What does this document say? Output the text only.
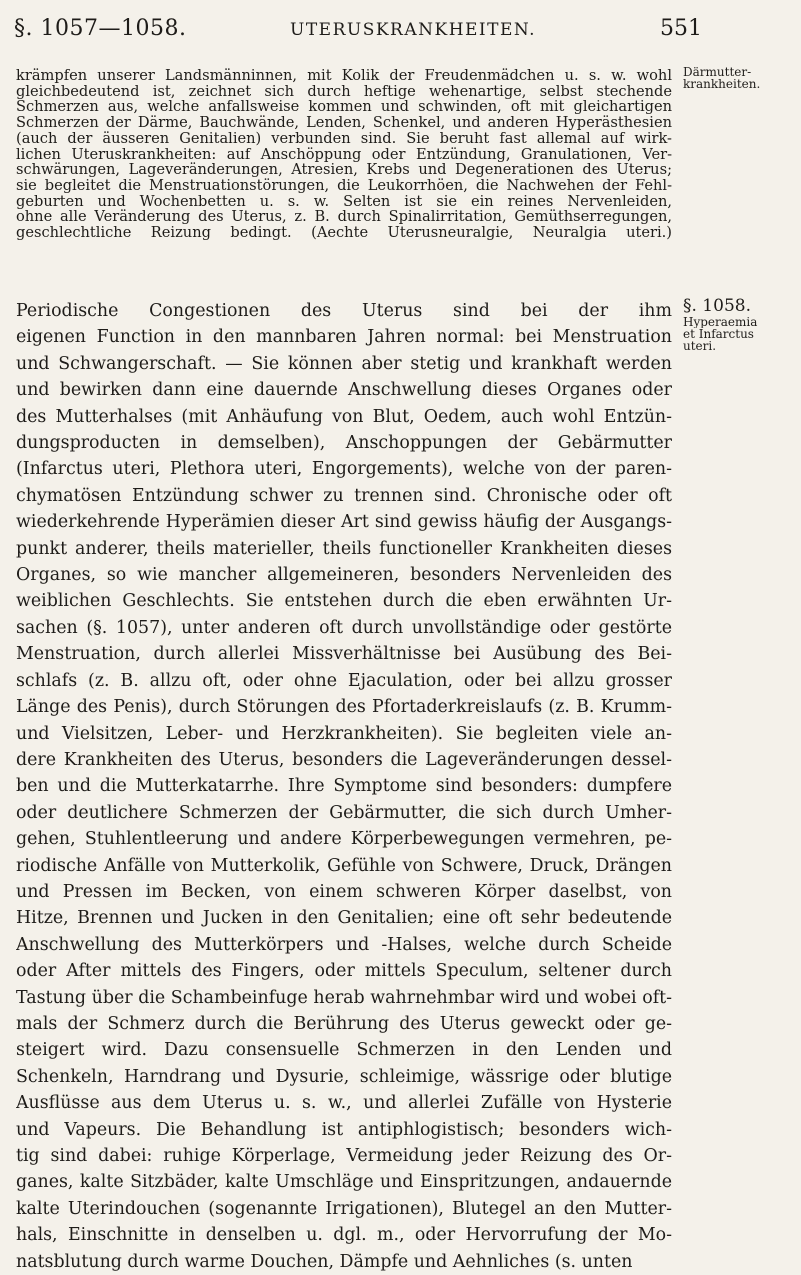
§. 1057—1058.	UTERUSKRANKHEITEN.	551
Därmutter-
krankheiten.
§. 1058.
Hyperaemia
et Infarctus
uteri.
krämpfen unserer Landsmänninnen, mit Kolik der Freudenmädchen u. s. w. wohl
gleichbedeutend ist, zeichnet sich durch heftige wehenartige, selbst stechende
Schmerzen aus, welche anfallsweise kommen und schwinden, oft mit gleichartigen
Schmerzen der Därme, Bauchwände, Lenden, Schenkel, und anderen Hyperästhesien
(auch der äusseren Genitalien) verbunden sind. Sie beruht fast allemal auf wirk-
lichen Uteruskrankheiten: auf Anschöppung oder Entzündung, Granulationen, Ver-
schwärungen, Lageveränderungen, Atresien, Krebs und Degenerationen des Uterus;
sie begleitet die Menstruationstörungen, die Leukorrhöen, die Nachwehen der Fehl-
geburten und Wochenbetten u. s. w. Selten ist sie ein reines Nervenleiden,
ohne alle Veränderung des Uterus, z. B. durch Spinalirritation, Gemüthserregungen,
geschlechtliche Reizung bedingt. (Aechte Uterusneuralgie, Neuralgia uteri.)
Periodische Congestionen des Uterus sind bei der ihm
eigenen Function in den mannbaren Jahren normal: bei Menstruation
und Schwangerschaft. — Sie können aber stetig und krankhaft werden
und bewirken dann eine dauernde Anschwellung dieses Organes oder
des Mutterhalses (mit Anhäufung von Blut, Oedem, auch wohl Entzün-
dungsproducten in demselben), Anschoppungen der Gebärmutter
(Infarctus uteri, Plethora uteri, Engorgements), welche von der paren-
chymatösen Entzündung schwer zu trennen sind. Chronische oder oft
wiederkehrende Hyperämien dieser Art sind gewiss häufig der Ausgangs-
punkt anderer, theils materieller, theils functioneller Krankheiten dieses
Organes, so wie mancher allgemeineren, besonders Nervenleiden des
weiblichen Geschlechts. Sie entstehen durch die eben erwähnten Ur-
sachen (§. 1057), unter anderen oft durch unvollständige oder gestörte
Menstruation, durch allerlei Missverhältnisse bei Ausübung des Bei-
schlafs (z. B. allzu oft, oder ohne Ejaculation, oder bei allzu grosser
Länge des Penis), durch Störungen des Pfortaderkreislaufs (z. B. Krumm-
und Vielsitzen, Leber- und Herzkrankheiten). Sie begleiten viele an-
dere Krankheiten des Uterus, besonders die Lageveränderungen dessel-
ben und die Mutterkatarrhe. Ihre Symptome sind besonders: dumpfere
oder deutlichere Schmerzen der Gebärmutter, die sich durch Umher-
gehen, Stuhlentleerung und andere Körperbewegungen vermehren, pe-
riodische Anfälle von Mutterkolik, Gefühle von Schwere, Druck, Drängen
und Pressen im Becken, von einem schweren Körper daselbst, von
Hitze, Brennen und Jucken in den Genitalien; eine oft sehr bedeutende
Anschwellung des Mutterkörpers und -Halses, welche durch Scheide
oder After mittels des Fingers, oder mittels Speculum, seltener durch
Tastung über die Schambeinfuge herab wahrnehmbar wird und wobei oft-
mals der Schmerz durch die Berührung des Uterus geweckt oder ge-
steigert wird. Dazu consensuelle Schmerzen in den Lenden und
Schenkeln, Harndrang und Dysurie, schleimige, wässrige oder blutige
Ausflüsse aus dem Uterus u. s. w., und allerlei Zufälle von Hysterie
und Vapeurs. Die Behandlung ist antiphlogistisch; besonders wich-
tig sind dabei: ruhige Körperlage, Vermeidung jeder Reizung des Or-
ganes, kalte Sitzbäder, kalte Umschläge und Einspritzungen, andauernde
kalte Uterindouchen (sogenannte Irrigationen), Blutegel an den Mutter-
hals, Einschnitte in denselben u. dgl. m., oder Hervorrufung der Mo-
natsblutung durch warme Douchen, Dämpfe und Aehnliches (s. unten
